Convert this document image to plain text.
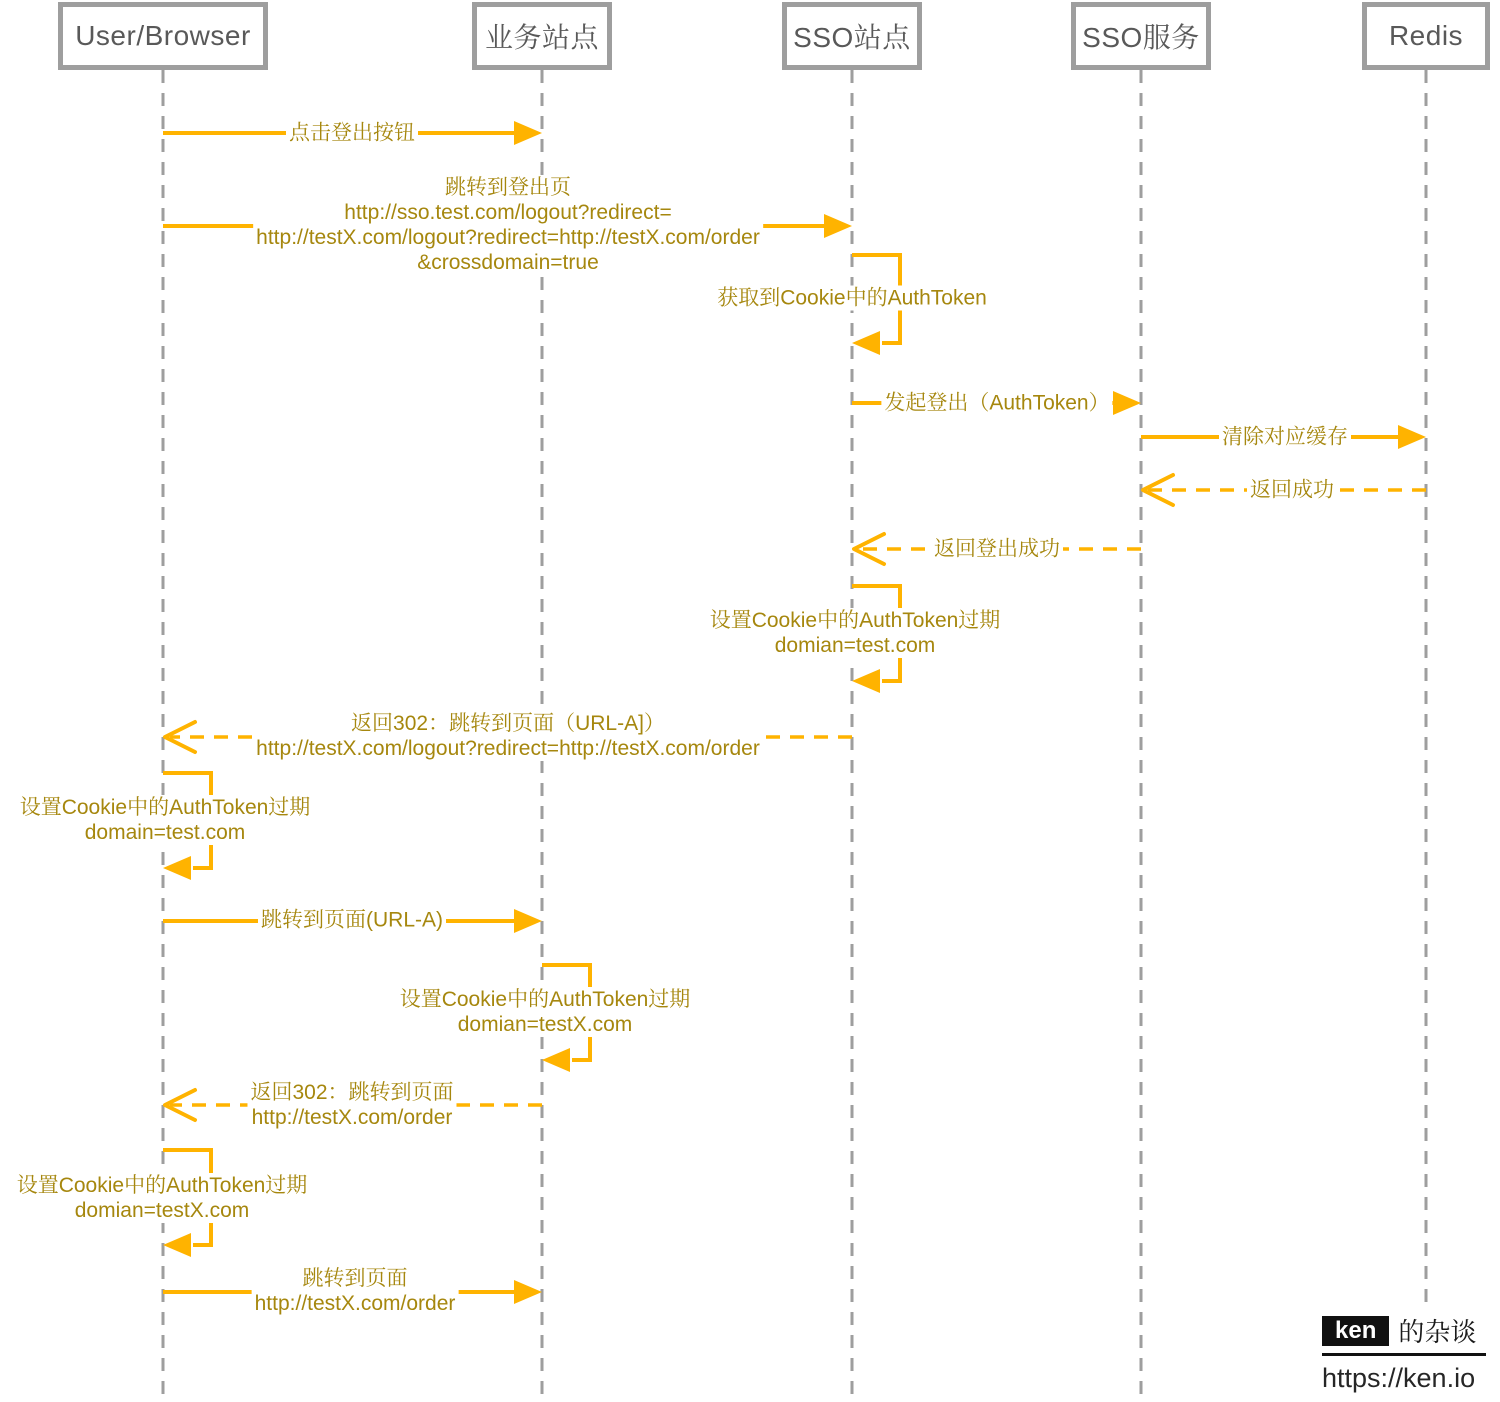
User/Browser	业务站点	SSO站点	SSO服务	Redis
点击登出按钮
跳转到登出页
http://sso.test.com/logout?redirect=
http://testX.com/logout?redirect=http://testX.com/order
&crossdomain=true
获取到Cookie中的AuthToken
发起登出（AuthToken）
清除对应缓存
返回成功
返回登出成功
设置Cookie中的AuthToken过期
domian=test.com
返回302：跳转到页面（URL-A]）
http://testX.com/logout?redirect=http://testX.com/order
设置Cookie中的AuthToken过期
domain=test.com
跳转到页面(URL-A)
设置Cookie中的AuthToken过期
domian=testX.com
返回302：跳转到页面
http://testX.com/order
设置Cookie中的AuthToken过期
domian=testX.com
跳转到页面
http://testX.com/order
ken 的杂谈
https://ken.io
